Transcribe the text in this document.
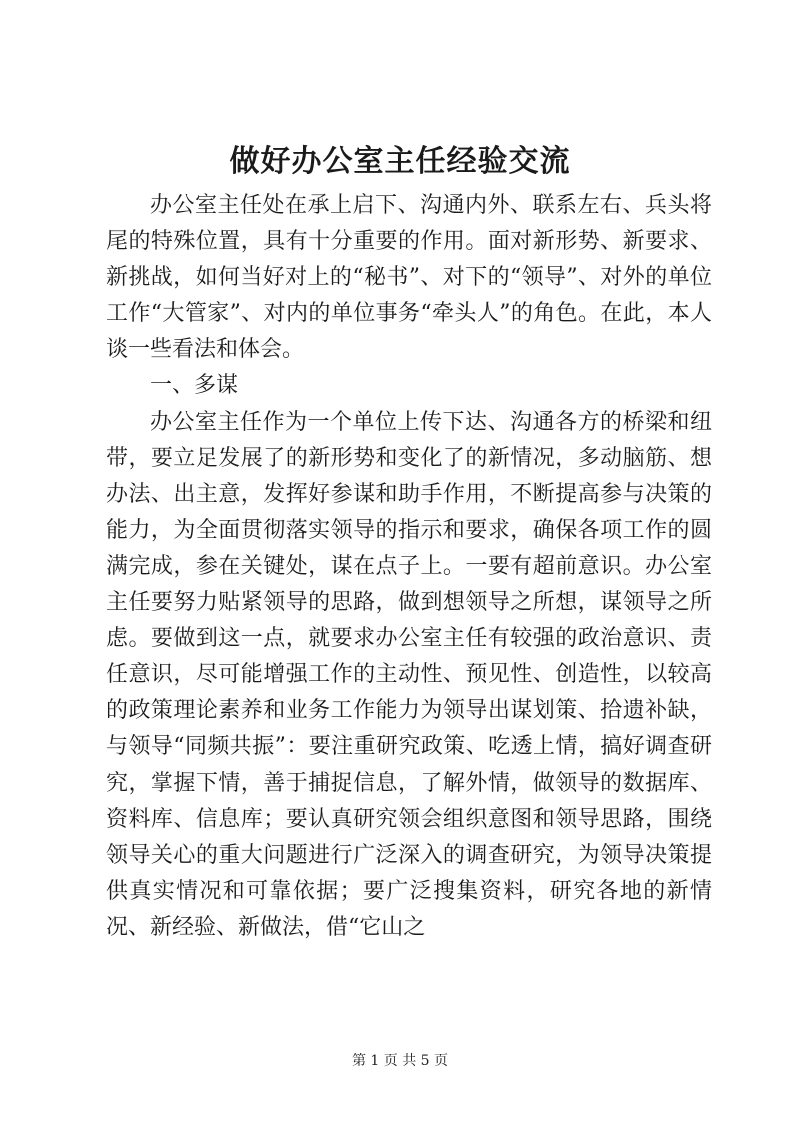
做好办公室主任经验交流

办公室主任处在承上启下、沟通内外、联系左右、兵头将尾的特殊位置，具有十分重要的作用。面对新形势、新要求、新挑战，如何当好对上的“秘书”、对下的“领导”、对外的单位工作“大管家”、对内的单位事务“牵头人”的角色。在此，本人谈一些看法和体会。

一、多谋

办公室主任作为一个单位上传下达、沟通各方的桥梁和纽带，要立足发展了的新形势和变化了的新情况，多动脑筋、想办法、出主意，发挥好参谋和助手作用，不断提高参与决策的能力，为全面贯彻落实领导的指示和要求，确保各项工作的圆满完成，参在关键处，谋在点子上。一要有超前意识。办公室主任要努力贴紧领导的思路，做到想领导之所想，谋领导之所虑。要做到这一点，就要求办公室主任有较强的政治意识、责任意识，尽可能增强工作的主动性、预见性、创造性，以较高的政策理论素养和业务工作能力为领导出谋划策、拾遗补缺，与领导“同频共振”：要注重研究政策、吃透上情，搞好调查研究，掌握下情，善于捕捉信息，了解外情，做领导的数据库、资料库、信息库；要认真研究领会组织意图和领导思路，围绕领导关心的重大问题进行广泛深入的调查研究，为领导决策提供真实情况和可靠依据；要广泛搜集资料，研究各地的新情况、新经验、新做法，借“它山之

第 1 页 共 5 页
